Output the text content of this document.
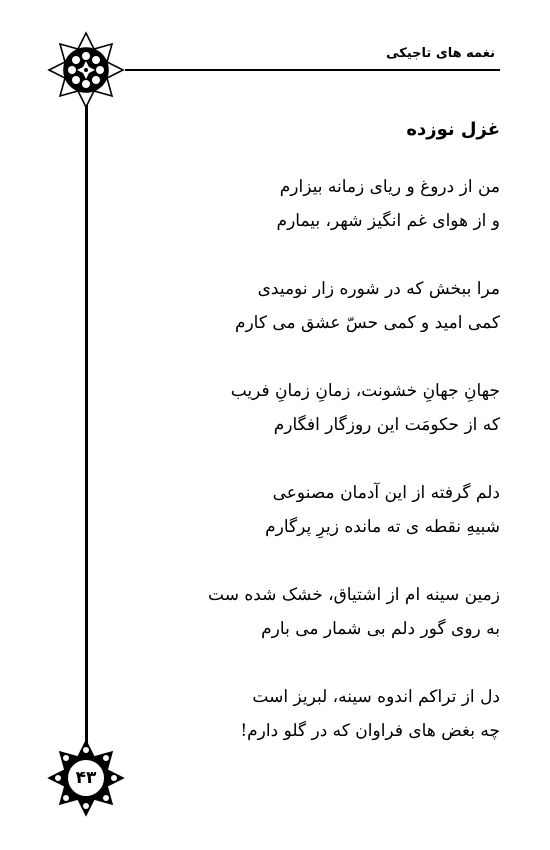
نغمه های تاجیکی
۴۳
غزل نوزده
من از دروغ و ریای زمانه بیزارم
و از هوای غم انگیز شهر، بیمارم
مرا ببخش که در شوره زار نومیدی
کمی امید و کمی حسّ عشق می کارم
جهانِ جهانِ خشونت، زمانِ زمانِ فریب
که از حکومَت این روزگار افگارم
دلم گرفته از این آدمان مصنوعی
شبیهِ نقطه ی ته مانده زیرِ پرگارم
زمین سینه ام از اشتیاق، خشک شده ست
به روی گور دلم بی شمار می بارم
دل از تراکم اندوه سینه، لبریز است
چه بغض های فراوان که در گلو دارم!
